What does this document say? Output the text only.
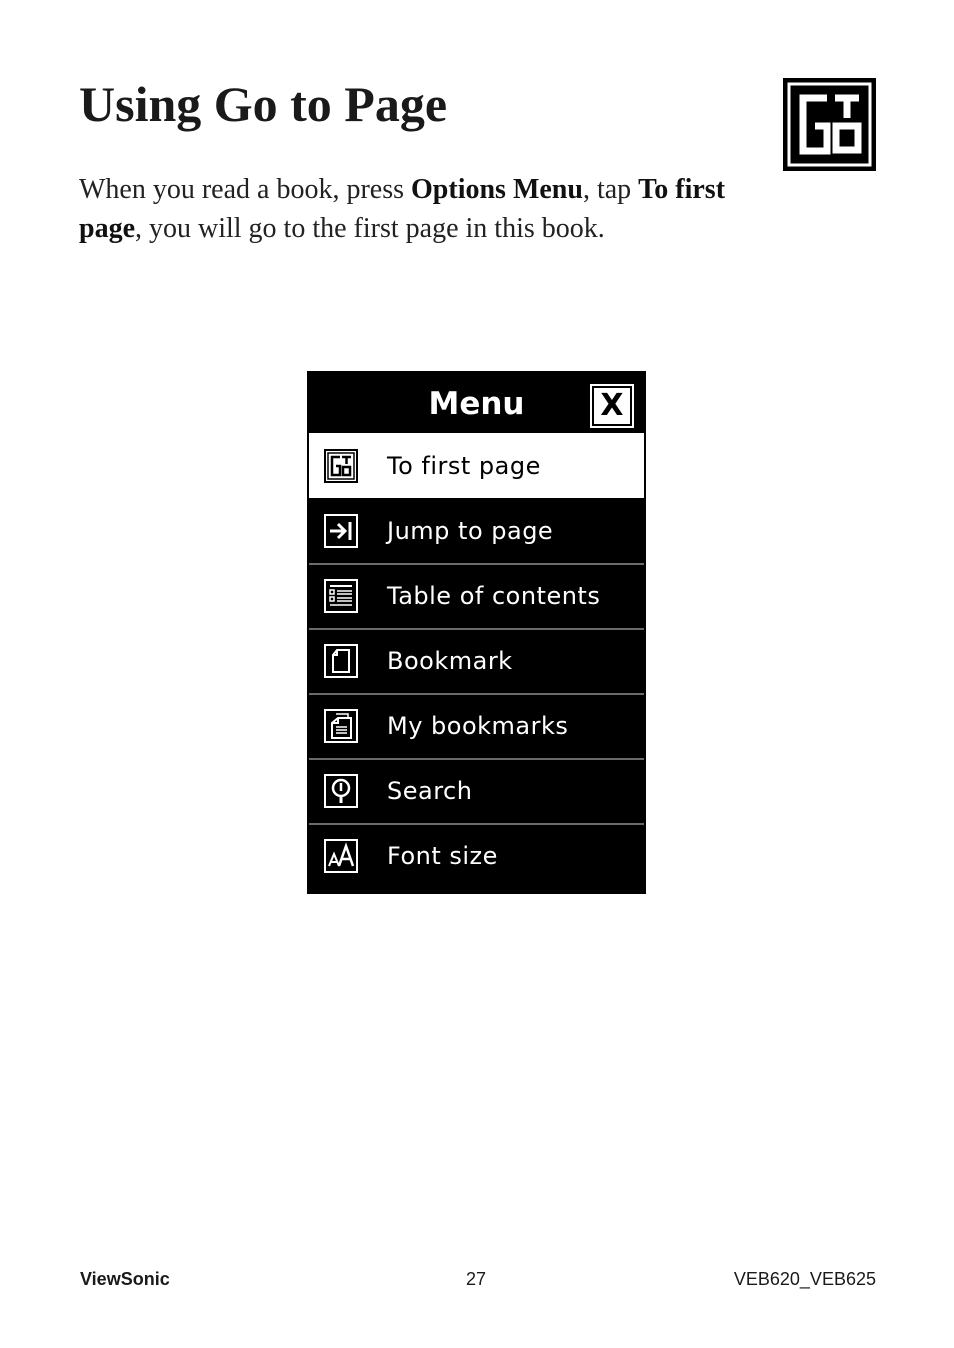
Using Go to Page

When you read a book, press Options Menu, tap To first page, you will go to the first page in this book.

Menu	X
To first page
Jump to page
Table of contents
Bookmark
My bookmarks
Search
Font size
ViewSonic	27	VEB620_VEB625
